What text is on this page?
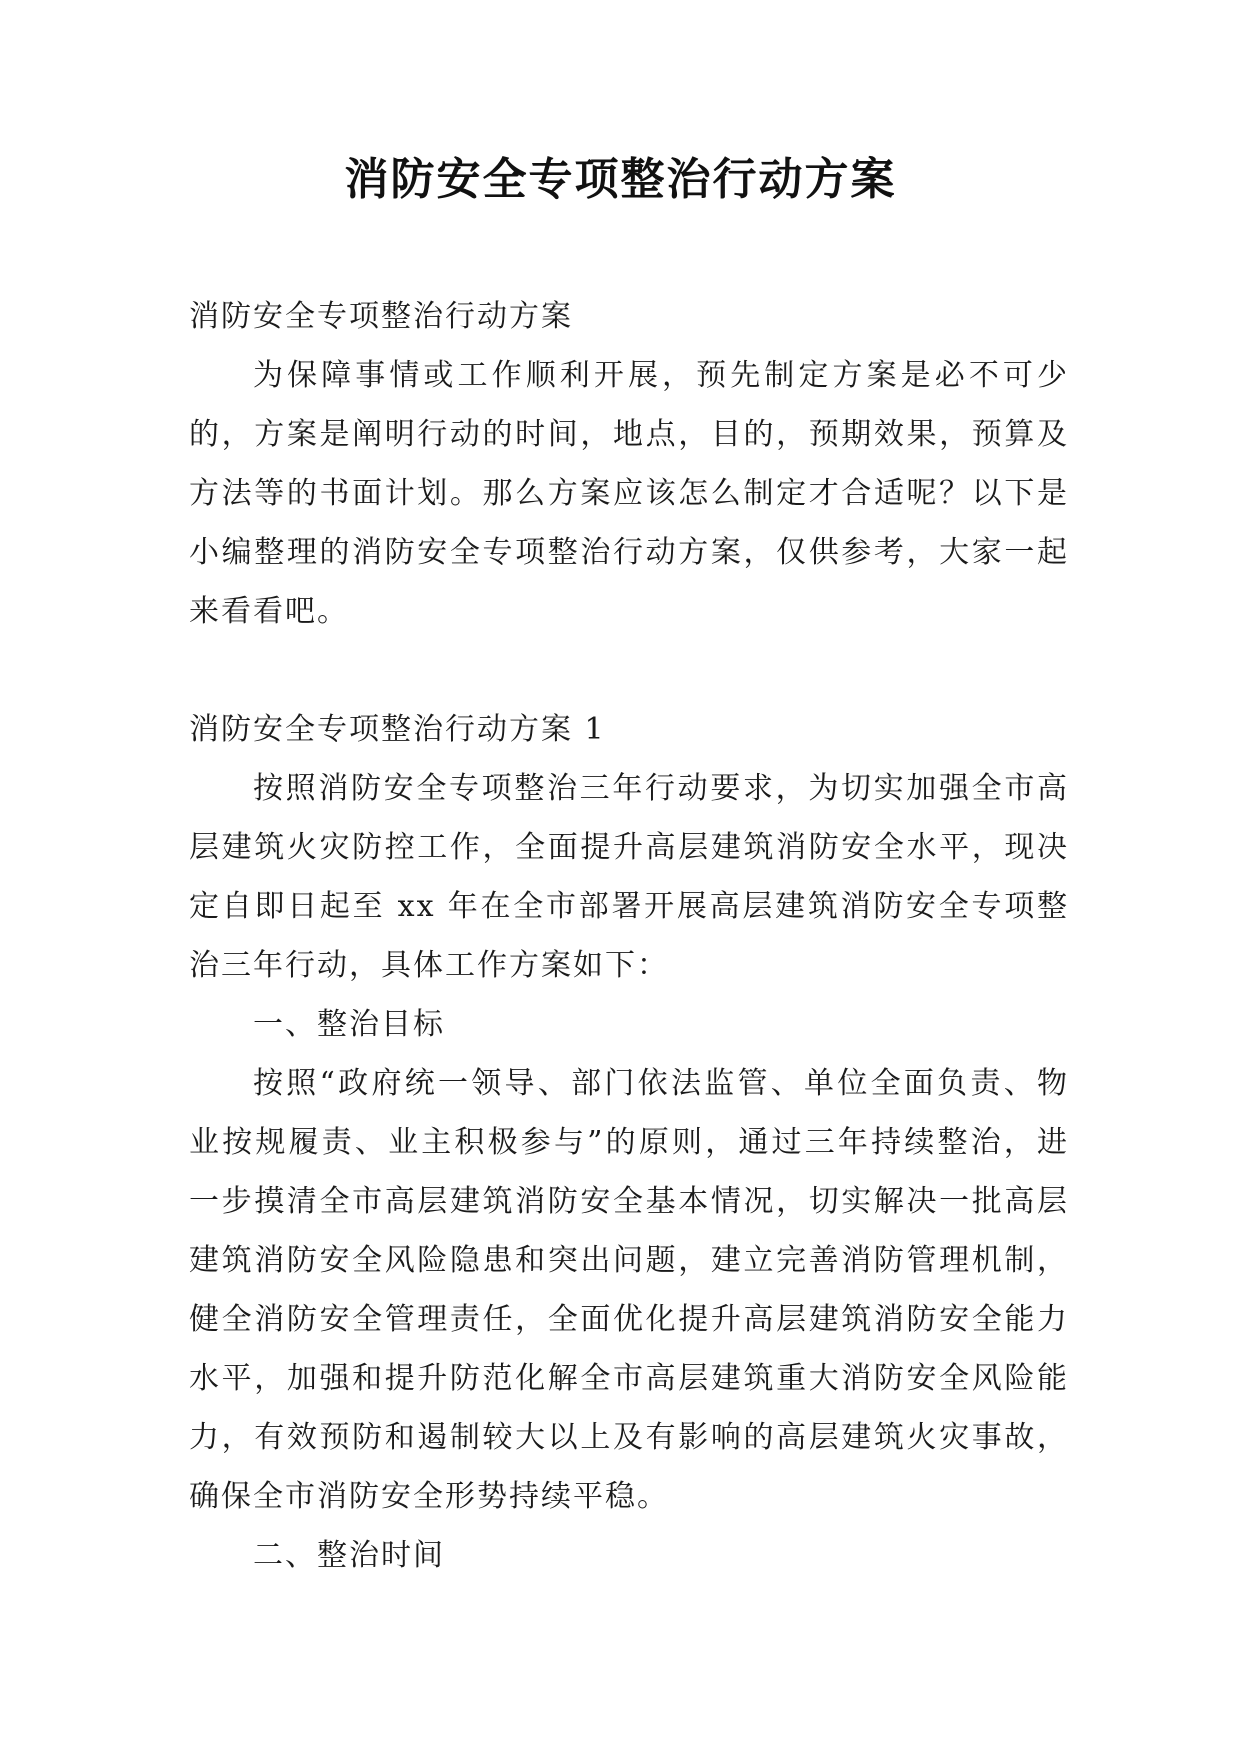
消防安全专项整治行动方案

消防安全专项整治行动方案

为保障事情或工作顺利开展，预先制定方案是必不可少的，方案是阐明行动的时间，地点，目的，预期效果，预算及方法等的书面计划。那么方案应该怎么制定才合适呢？以下是小编整理的消防安全专项整治行动方案，仅供参考，大家一起来看看吧。

消防安全专项整治行动方案 1

按照消防安全专项整治三年行动要求，为切实加强全市高层建筑火灾防控工作，全面提升高层建筑消防安全水平，现决定自即日起至 xx 年在全市部署开展高层建筑消防安全专项整治三年行动，具体工作方案如下：

一、整治目标

按照“政府统一领导、部门依法监管、单位全面负责、物业按规履责、业主积极参与”的原则，通过三年持续整治，进一步摸清全市高层建筑消防安全基本情况，切实解决一批高层建筑消防安全风险隐患和突出问题，建立完善消防管理机制，健全消防安全管理责任，全面优化提升高层建筑消防安全能力水平，加强和提升防范化解全市高层建筑重大消防安全风险能力，有效预防和遏制较大以上及有影响的高层建筑火灾事故，确保全市消防安全形势持续平稳。

二、整治时间
